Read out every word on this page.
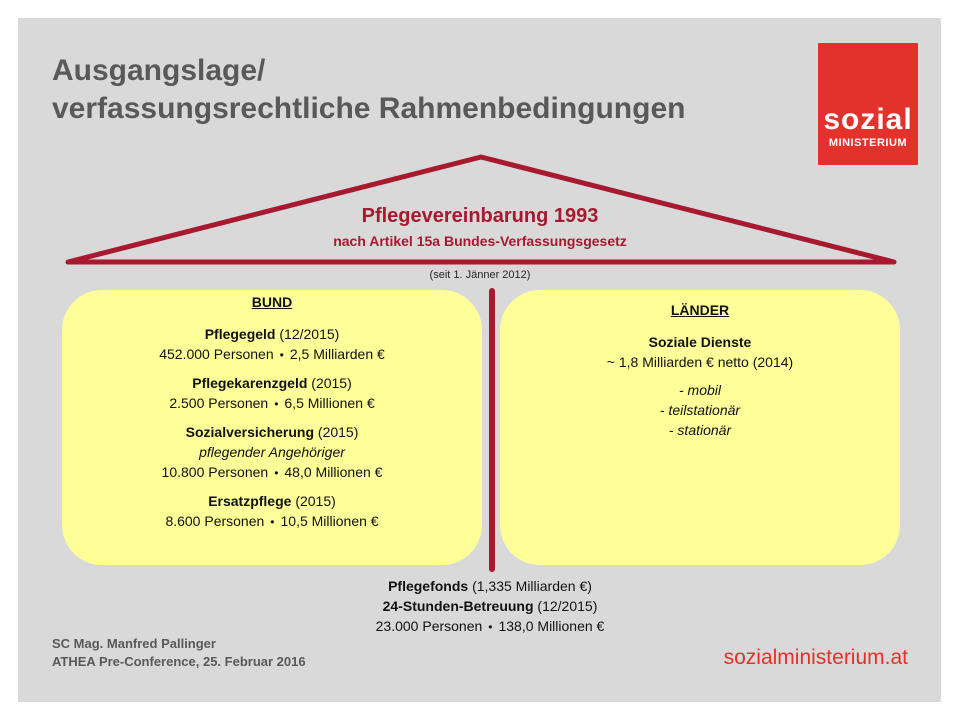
Ausgangslage/
verfassungsrechtliche Rahmenbedingungen	sozial
MINISTERIUM
Pflegevereinbarung 1993
nach Artikel 15a Bundes-Verfassungsgesetz
(seit 1. Jänner 2012)
BUND
Pflegegeld (12/2015)
452.000 Personen • 2,5 Milliarden €
Pflegekarenzgeld (2015)
2.500 Personen • 6,5 Millionen €
Sozialversicherung (2015)
pflegender Angehöriger
10.800 Personen • 48,0 Millionen €
Ersatzpflege (2015)
8.600 Personen • 10,5 Millionen €
LÄNDER
Soziale Dienste
~ 1,8 Milliarden € netto (2014)
- mobil
- teilstationär
- stationär
Pflegefonds (1,335 Milliarden €)
24-Stunden-Betreuung (12/2015)
23.000 Personen • 138,0 Millionen €
SC Mag. Manfred Pallinger
ATHEA Pre-Conference, 25. Februar 2016	sozialministerium.at
